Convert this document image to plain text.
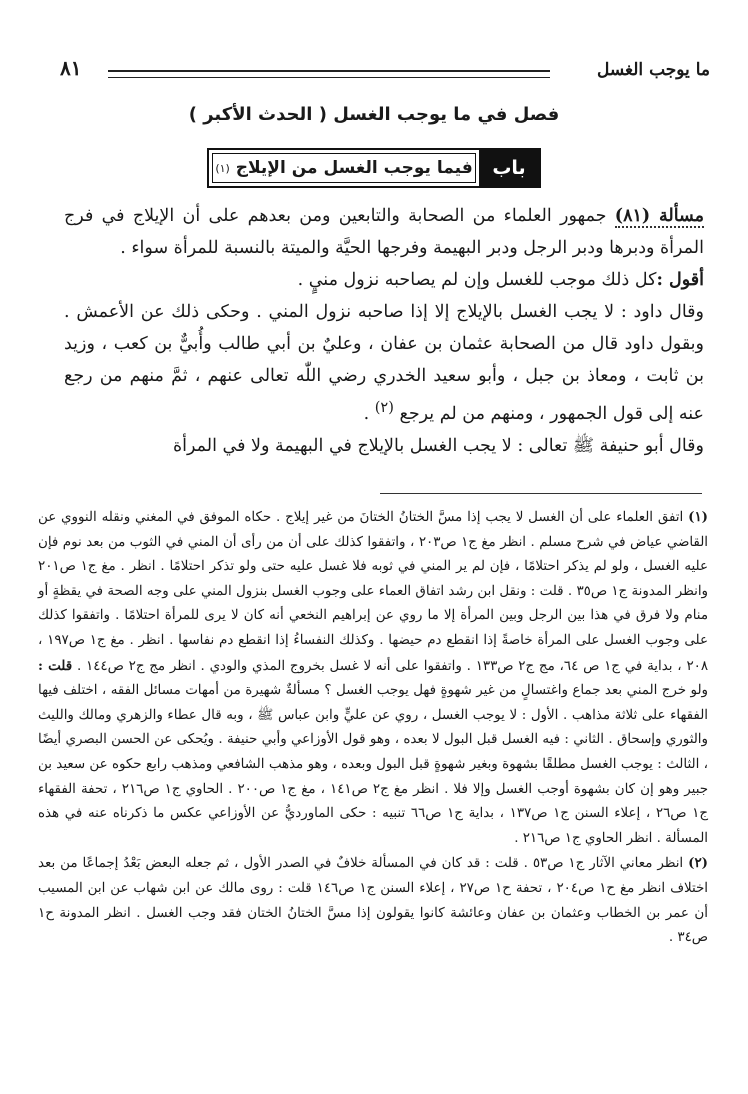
ما يوجب الغسل
٨١
فصل في ما يوجب الغسل ( الحدث الأكبر )
باب
فيما يوجب الغسل من الإيلاج

(١)

مسألة (٨١) جمهور العلماء من الصحابة والتابعين ومن بعدهم على أن الإيلاج في فرج المرأة ودبرها ودبر الرجل ودبر البهيمة وفرجها الحيَّة والميتة بالنسبة للمرأة سواء .

أقول :كل ذلك موجب للغسل وإن لم يصاحبه نزول منيٍ .

وقال داود : لا يجب الغسل بالإيلاج إلا إذا صاحبه نزول المني . وحكى ذلك عن الأعمش . وبقول داود قال من الصحابة عثمان بن عفان ، وعليٌ بن أبي طالب وأُبيٌّ بن كعب ، وزيد بن ثابت ، ومعاذ بن جبل ، وأبو سعيد الخدري رضي اللّٰه تعالى عنهم ، ثمَّ منهم من رجع عنه إلى قول الجمهور ، ومنهم من لم يرجع $^{(٢)}$ .

وقال أبو حنيفة ﷺ تعالى : لا يجب الغسل بالإيلاج في البهيمة ولا في المرأة

(١) اتفق العلماء على أن الغسل لا يجب إذا مسَّ الختانُ الختانَ من غير إيلاج . حكاه الموفق في المغني ونقله النووي عن القاضي عياض في شرح مسلم . انظر مغ ج١ ص٢٠٣ ، واتفقوا كذلك على أن من رأى أن المني في الثوب من بعد نوم فإن عليه الغسل ، ولو لم يذكر احتلامًا ، فإن لم ير المني في ثوبه فلا غسل عليه حتى ولو تذكر احتلامًا . انظر . مغ ج١ ص٢٠١ وانظر المدونة ج١ ص٣٥ . قلت : ونقل ابن رشد اتفاق العماء على وجوب الغسل بنزول المني على وجه الصحة في يقظةٍ أو منام ولا فرق في هذا بين الرجل وبين المرأة إلا ما روي عن إبراهيم النخعي أنه كان لا يرى للمرأة احتلامًا . واتفقوا كذلك على وجوب الغسل على المرأة خاصةً إذا انقطع دم حيضها . وكذلك النفساءُ إذا انقطع دم نفاسها . انظر . مغ ج١ ص١٩٧ ، ٢٠٨ ، بداية في ج١ ص ٦٤، مج ج٢ ص١٣٣ . واتفقوا على أنه لا غسل بخروج المذي والودي . انظر مج ج٢ ص١٤٤ . قلت : ولو خرج المني بعد جماع واغتسالٍ من غير شهوةٍ فهل يوجب الغسل ؟ مسألةٌ شهيرة من أمهات مسائل الفقه ، اختلف فيها الفقهاء على ثلاثة مذاهب . الأول : لا يوجب الغسل ، روي عن عليٍّ وابن عباس ﷺ ، وبه قال عطاء والزهري ومالك والليث والثوري وإسحاق . الثاني : فيه الغسل قبل البول لا بعده ، وهو قول الأوزاعي وأبي حنيفة . ويُحكى عن الحسن البصري أيضًا ، الثالث : يوجب الغسل مطلقًا بشهوة وبغير شهوةٍ قبل البول وبعده ، وهو مذهب الشافعي ومذهب رابع حكوه عن سعيد بن جبير وهو إن كان بشهوة أوجب الغسل وإلا فلا . انظر مغ ج٢ ص١٤١ ، مغ ج١ ص٢٠٠ . الحاوي ج١ ص٢١٦ ، تحفة الفقهاء ج١ ص٢٦ ، إعلاء السنن ج١ ص١٣٧ ، بداية ج١ ص٦٦ تنبيه : حكى الماورديُّ عن الأوزاعي عكس ما ذكرناه عنه في هذه المسألة . انظر الحاوي ج١ ص٢١٦ .

(٢) انظر معاني الآثار ج١ ص٥٣ . قلت : قد كان في المسألة خلافٌ في الصدر الأول ، ثم جعله البعض بَعْدُ إجماعًا من بعد اختلاف انظر مغ ح١ ص٢٠٤ ، تحفة ح١ ص٢٧ ، إعلاء السنن ج١ ص١٤٦ قلت : روى مالك عن ابن شهاب عن ابن المسيب أن عمر بن الخطاب وعثمان بن عفان وعائشة كانوا يقولون إذا مسَّ الختانُ الختان فقد وجب الغسل . انظر المدونة ح١ ص٣٤ .
